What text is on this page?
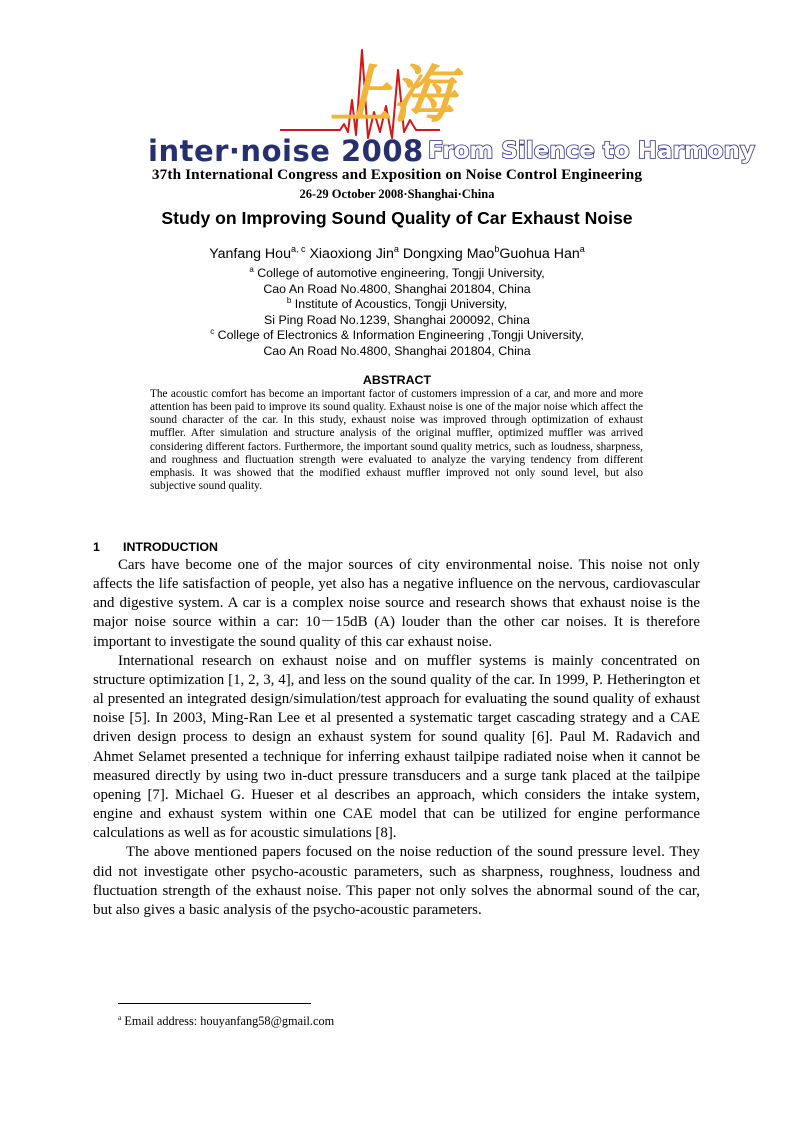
上海
inter·noise 2008 From Silence to Harmony
37th International Congress and Exposition on Noise Control Engineering
26-29 October 2008·Shanghai·China
Study on Improving Sound Quality of Car Exhaust Noise
Yanfang Hou$^{a, c}$ Xiaoxiong Jin$^a$ Dongxing Mao$^b$Guohua Han$^a$
$^a$ College of automotive engineering, Tongji University,
Cao An Road No.4800, Shanghai 201804, China
$^b$ Institute of Acoustics, Tongji University,
Si Ping Road No.1239, Shanghai 200092, China
$^c$ College of Electronics & Information Engineering ,Tongji University,
Cao An Road No.4800, Shanghai 201804, China
ABSTRACT
The acoustic comfort has become an important factor of customers impression of a car, and more and more attention has been paid to improve its sound quality. Exhaust noise is one of the major noise which affect the sound character of the car. In this study, exhaust noise was improved through optimization of exhaust muffler. After simulation and structure analysis of the original muffler, optimized muffler was arrived considering different factors. Furthermore, the important sound quality metrics, such as loudness, sharpness, and roughness and fluctuation strength were evaluated to analyze the varying tendency from different emphasis. It was showed that the modified exhaust muffler improved not only sound level, but also subjective sound quality.
1 INTRODUCTION

Cars have become one of the major sources of city environmental noise. This noise not only affects the life satisfaction of people, yet also has a negative influence on the nervous, cardiovascular and digestive system. A car is a complex noise source and research shows that exhaust noise is the major noise source within a car: 10－15dB (A) louder than the other car noises. It is therefore important to investigate the sound quality of this car exhaust noise.

International research on exhaust noise and on muffler systems is mainly concentrated on structure optimization [1, 2, 3, 4], and less on the sound quality of the car. In 1999, P. Hetherington et al presented an integrated design/simulation/test approach for evaluating the sound quality of exhaust noise [5]. In 2003, Ming-Ran Lee et al presented a systematic target cascading strategy and a CAE driven design process to design an exhaust system for sound quality [6]. Paul M. Radavich and Ahmet Selamet presented a technique for inferring exhaust tailpipe radiated noise when it cannot be measured directly by using two in-duct pressure transducers and a surge tank placed at the tailpipe opening [7]. Michael G. Hueser et al describes an approach, which considers the intake system, engine and exhaust system within one CAE model that can be utilized for engine performance calculations as well as for acoustic simulations [8].

The above mentioned papers focused on the noise reduction of the sound pressure level. They did not investigate other psycho-acoustic parameters, such as sharpness, roughness, loudness and fluctuation strength of the exhaust noise. This paper not only solves the abnormal sound of the car, but also gives a basic analysis of the psycho-acoustic parameters.

$^a$ Email address: houyanfang58@gmail.com
